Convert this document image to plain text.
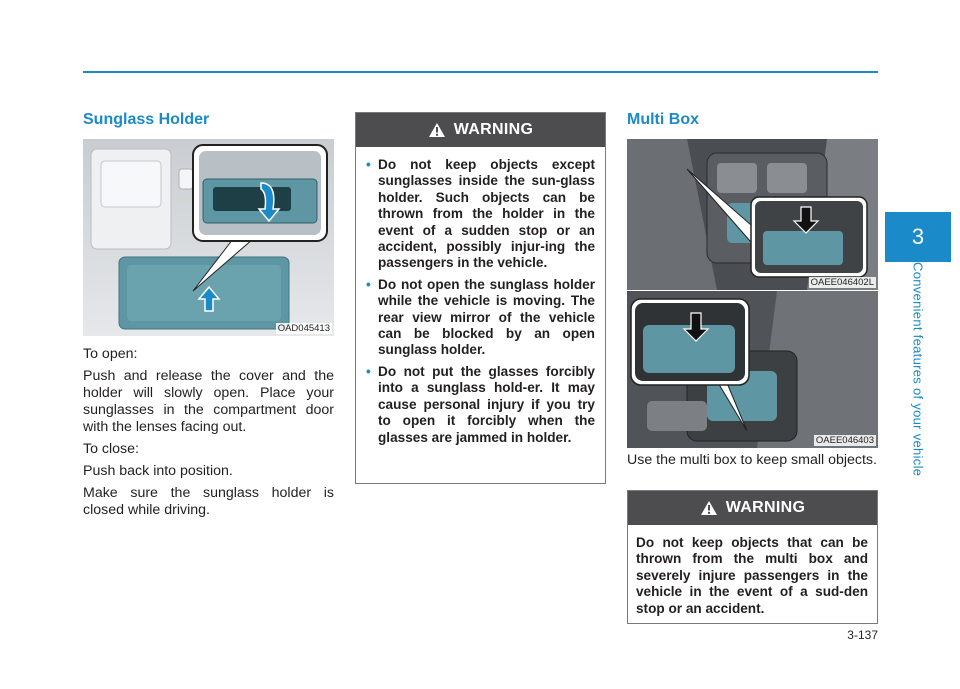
Sunglass Holder
OAD045413

To open:

Push and release the cover and the holder will slowly open. Place your sunglasses in the compartment door with the lenses facing out.

To close:

Push back into position.

Make sure the sunglass holder is closed while driving.

WARNING
• Do not keep objects except sunglasses inside the sun-glass holder. Such objects can be thrown from the holder in the event of a sudden stop or an accident, possibly injur-ing the passengers in the vehicle.
• Do not open the sunglass holder while the vehicle is moving. The rear view mirror of the vehicle can be blocked by an open sunglass holder.
• Do not put the glasses forcibly into a sunglass hold-er. It may cause personal injury if you try to open it forcibly when the glasses are jammed in holder.
Multi Box
OAEE046402L
OAEE046403

Use the multi box to keep small objects.

WARNING
Do not keep objects that can be thrown from the multi box and severely injure passengers in the vehicle in the event of a sud-den stop or an accident.
3
Convenient features of your vehicle
3-137
